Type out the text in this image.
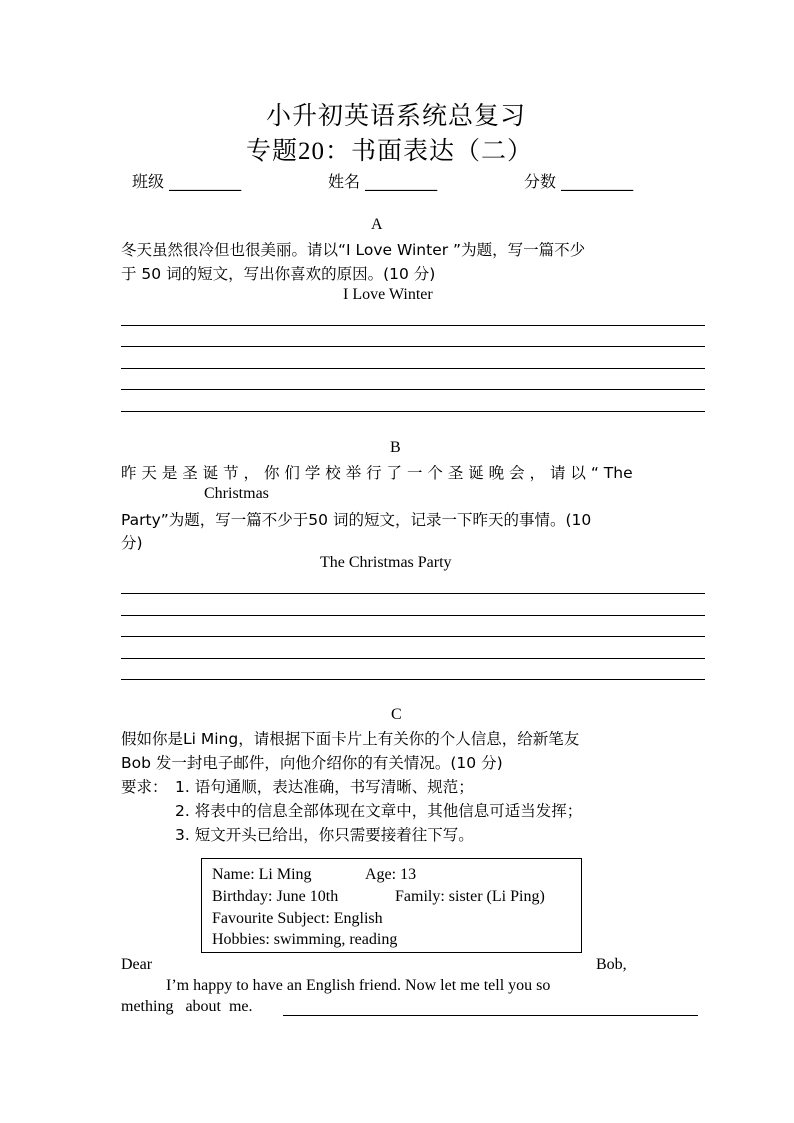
小升初英语系统总复习
专题20：书面表达（二）
班级 _________	姓名 _________	分数 _________
A
冬天虽然很冷但也很美丽。请以“I Love Winter ”为题，写一篇不少
于 50 词的短文，写出你喜欢的原因。(10 分)
I Love Winter
B
昨 天 是 圣 诞 节 ， 你 们 学 校 举 行 了 一 个 圣 诞 晚 会 ， 请 以 “ The
Christmas
Party”为题，写一篇不少于50 词的短文，记录一下昨天的事情。(10
分)
The Christmas Party
C
假如你是Li Ming，请根据下面卡片上有关你的个人信息，给新笔友
Bob 发一封电子邮件，向他介绍你的有关情况。(10 分)
要求： 1. 语句通顺，表达准确，书写清晰、规范；
2. 将表中的信息全部体现在文章中，其他信息可适当发挥；
3. 短文开头已给出，你只需要接着往下写。
Name: Li Ming	Age: 13
Birthday: June 10th	Family: sister (Li Ping)
Favourite Subject: English
Hobbies: swimming, reading
Dear	Bob,
I’m happy to have an English friend. Now let me tell you so
mething   about  me.
